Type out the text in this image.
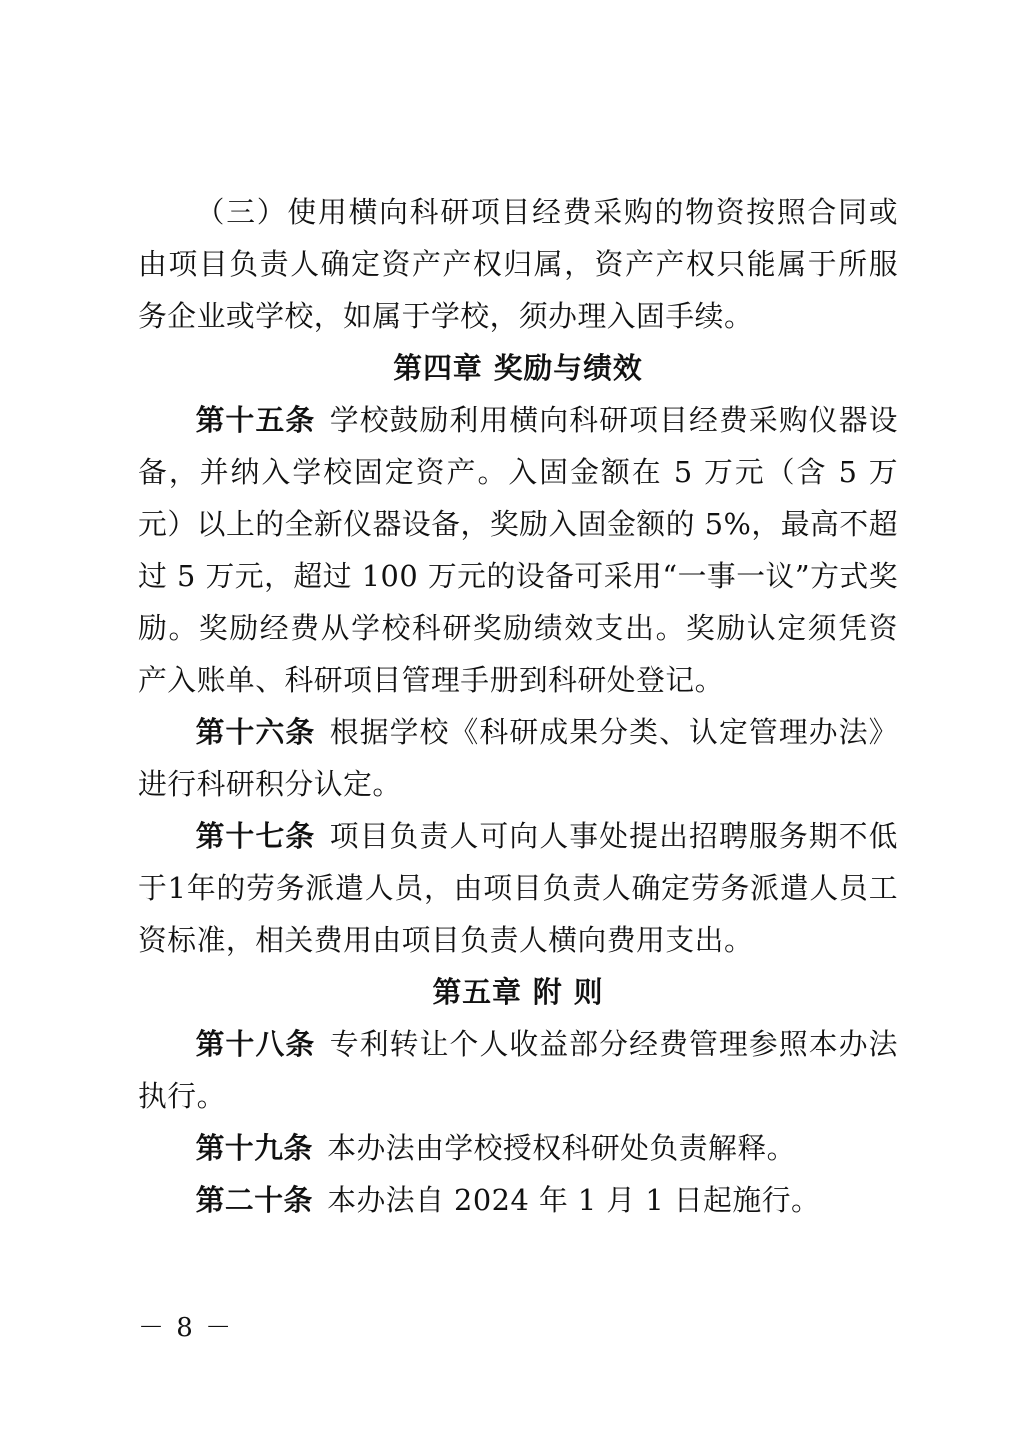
（三）使用横向科研项目经费采购的物资按照合同或由项目负责人确定资产产权归属，资产产权只能属于所服务企业或学校，如属于学校，须办理入固手续。

第四章 奖励与绩效

第十五条 学校鼓励利用横向科研项目经费采购仪器设备，并纳入学校固定资产。入固金额在 5 万元（含 5 万元）以上的全新仪器设备，奖励入固金额的 5%，最高不超过 5 万元，超过 100 万元的设备可采用“一事一议”方式奖励。奖励经费从学校科研奖励绩效支出。奖励认定须凭资产入账单、科研项目管理手册到科研处登记。

第十六条 根据学校《科研成果分类、认定管理办法》进行科研积分认定。

第十七条 项目负责人可向人事处提出招聘服务期不低于1年的劳务派遣人员，由项目负责人确定劳务派遣人员工资标准，相关费用由项目负责人横向费用支出。

第五章 附 则

第十八条 专利转让个人收益部分经费管理参照本办法执行。

第十九条 本办法由学校授权科研处负责解释。

第二十条 本办法自 2024 年 1 月 1 日起施行。

－ 8 －
